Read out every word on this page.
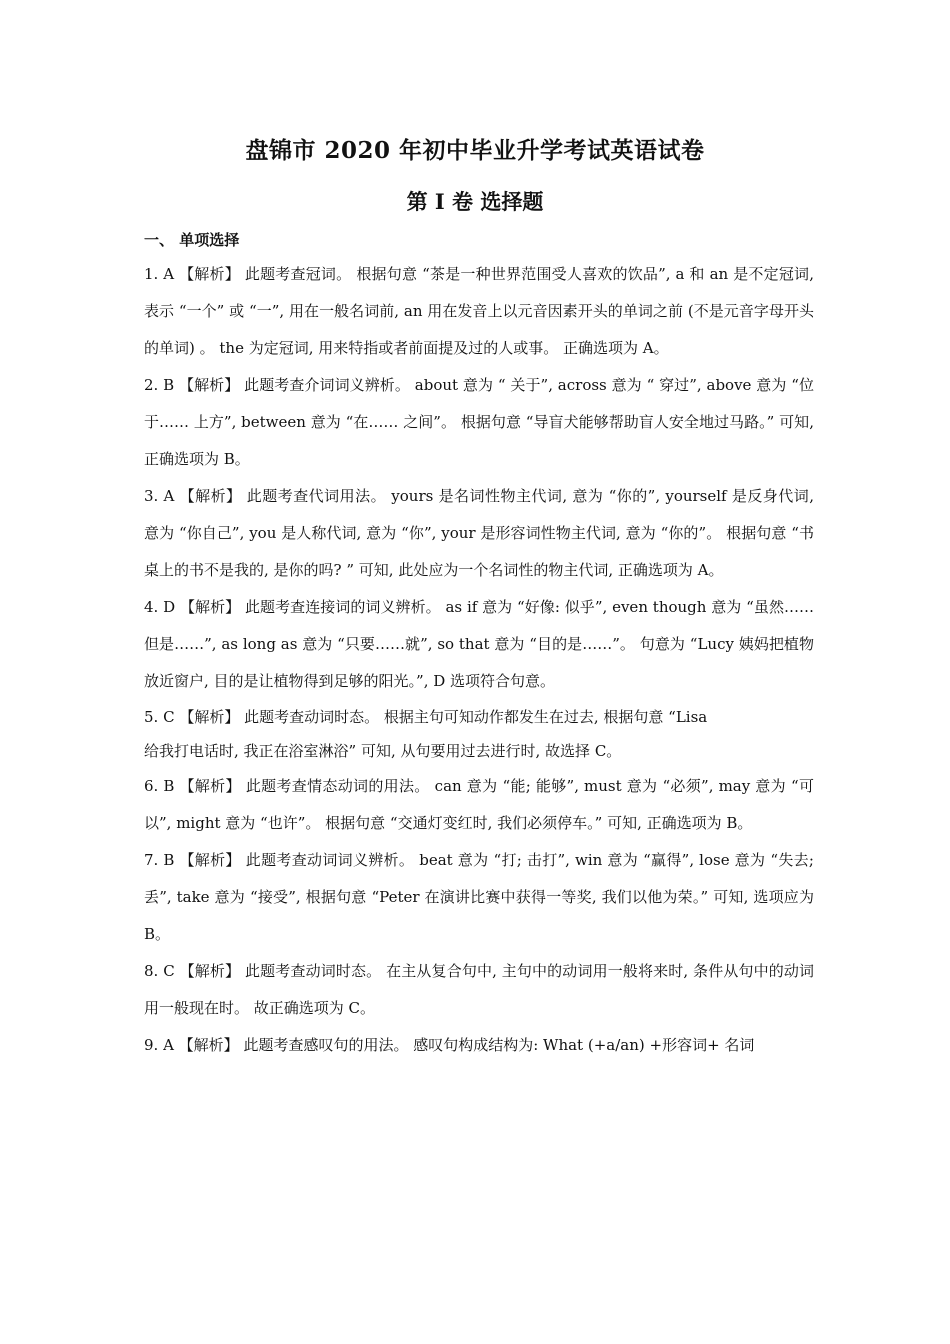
盘锦市 2020 年初中毕业升学考试英语试卷
第 I 卷 选择题
一、 单项选择

1. A 【解析】 此题考查冠词。 根据句意 “茶是一种世界范围受人喜欢的饮品”, a 和 an 是不定冠词, 表示 “一个” 或 “一”, 用在一般名词前, an 用在发音上以元音因素开头的单词之前 (不是元音字母开头的单词) 。 the 为定冠词, 用来特指或者前面提及过的人或事。 正确选项为 A。

2. B 【解析】 此题考查介词词义辨析。 about 意为 “ 关于”, across 意为 “ 穿过”, above 意为 “位于…… 上方”, between 意为 “在…… 之间”。 根据句意 “导盲犬能够帮助盲人安全地过马路。” 可知, 正确选项为 B。

3. A 【解析】 此题考查代词用法。 yours 是名词性物主代词, 意为 “你的”, yourself 是反身代词, 意为 “你自己”, you 是人称代词, 意为 “你”, your 是形容词性物主代词, 意为 “你的”。 根据句意 “书桌上的书不是我的, 是你的吗? ” 可知, 此处应为一个名词性的物主代词, 正确选项为 A。

4. D 【解析】 此题考查连接词的词义辨析。 as if 意为 “好像: 似乎”, even though 意为 “虽然…… 但是……”, as long as 意为 “只要……就”, so that 意为 “目的是……”。 句意为 “Lucy 姨妈把植物放近窗户, 目的是让植物得到足够的阳光。”, D 选项符合句意。

5. C 【解析】 此题考查动词时态。 根据主句可知动作都发生在过去, 根据句意 “Lisa
给我打电话时, 我正在浴室淋浴” 可知, 从句要用过去进行时, 故选择 C。

6. B 【解析】 此题考查情态动词的用法。 can 意为 “能; 能够”, must 意为 “必须”, may 意为 “可以”, might 意为 “也许”。 根据句意 “交通灯变红时, 我们必须停车。” 可知, 正确选项为 B。

7. B 【解析】 此题考查动词词义辨析。 beat 意为 “打; 击打”, win 意为 “赢得”, lose 意为 “失去; 丢”, take 意为 “接受”, 根据句意 “Peter 在演讲比赛中获得一等奖, 我们以他为荣。” 可知, 选项应为 B。

8. C 【解析】 此题考查动词时态。 在主从复合句中, 主句中的动词用一般将来时, 条件从句中的动词用一般现在时。 故正确选项为 C。

9. A 【解析】 此题考查感叹句的用法。 感叹句构成结构为: What (+a/an) +形容词+ 名词
